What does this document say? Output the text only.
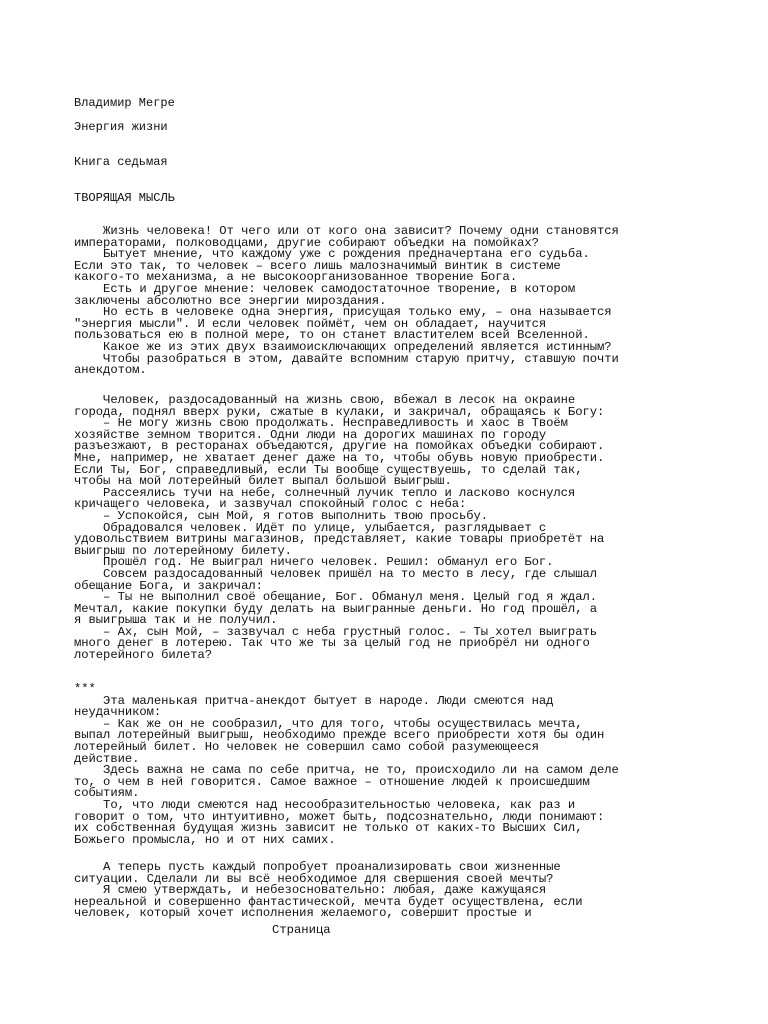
Владимир Мегре
Энергия жизни
Книга седьмая
ТВОРЯЩАЯ МЫСЛЬ
Жизнь человека! От чего или от кого она зависит? Почему одни становятся
императорами, полководцами, другие собирают объедки на помойках?
Бытует мнение, что каждому уже с рождения предначертана его судьба.
Если это так, то человек – всего лишь малозначимый винтик в системе
какого-то механизма, а не высокоорганизованное творение Бога.
Есть и другое мнение: человек самодостаточное творение, в котором
заключены абсолютно все энергии мироздания.
Но есть в человеке одна энергия, присущая только ему, – она называется
"энергия мысли". И если человек поймёт, чем он обладает, научится
пользоваться ею в полной мере, то он станет властителем всей Вселенной.
Какое же из этих двух взаимоисключающих определений является истинным?
Чтобы разобраться в этом, давайте вспомним старую притчу, ставшую почти
анекдотом.
Человек, раздосадованный на жизнь свою, вбежал в лесок на окраине
города, поднял вверх руки, сжатые в кулаки, и закричал, обращаясь к Богу:
– Не могу жизнь свою продолжать. Несправедливость и хаос в Твоём
хозяйстве земном творится. Одни люди на дорогих машинах по городу
разъезжают, в ресторанах объедаются, другие на помойках объедки собирают.
Мне, например, не хватает денег даже на то, чтобы обувь новую приобрести.
Если Ты, Бог, справедливый, если Ты вообще существуешь, то сделай так,
чтобы на мой лотерейный билет выпал большой выигрыш.
Рассеялись тучи на небе, солнечный лучик тепло и ласково коснулся
кричащего человека, и зазвучал спокойный голос с неба:
– Успокойся, сын Мой, я готов выполнить твою просьбу.
Обрадовался человек. Идёт по улице, улыбается, разглядывает с
удовольствием витрины магазинов, представляет, какие товары приобретёт на
выигрыш по лотерейному билету.
Прошёл год. Не выиграл ничего человек. Решил: обманул его Бог.
Совсем раздосадованный человек пришёл на то место в лесу, где слышал
обещание Бога, и закричал:
– Ты не выполнил своё обещание, Бог. Обманул меня. Целый год я ждал.
Мечтал, какие покупки буду делать на выигранные деньги. Но год прошёл, а
я выигрыша так и не получил.
– Ах, сын Мой, – зазвучал с неба грустный голос. – Ты хотел выиграть
много денег в лотерею. Так что же ты за целый год не приобрёл ни одного
лотерейного билета?
***
Эта маленькая притча-анекдот бытует в народе. Люди смеются над
неудачником:
– Как же он не сообразил, что для того, чтобы осуществилась мечта,
выпал лотерейный выигрыш, необходимо прежде всего приобрести хотя бы один
лотерейный билет. Но человек не совершил само собой разумеющееся
действие.
Здесь важна не сама по себе притча, не то, происходило ли на самом деле
то, о чем в ней говорится. Самое важное – отношение людей к происшедшим
событиям.
То, что люди смеются над несообразительностью человека, как раз и
говорит о том, что интуитивно, может быть, подсознательно, люди понимают:
их собственная будущая жизнь зависит не только от каких-то Высших Сил,
Божьего промысла, но и от них самих.
А теперь пусть каждый попробует проанализировать свои жизненные
ситуации. Сделали ли вы всё необходимое для свершения своей мечты?
Я смею утверждать, и небезосновательно: любая, даже кажущаяся
нереальной и совершенно фантастической, мечта будет осуществлена, если
человек, который хочет исполнения желаемого, совершит простые и
Страница
